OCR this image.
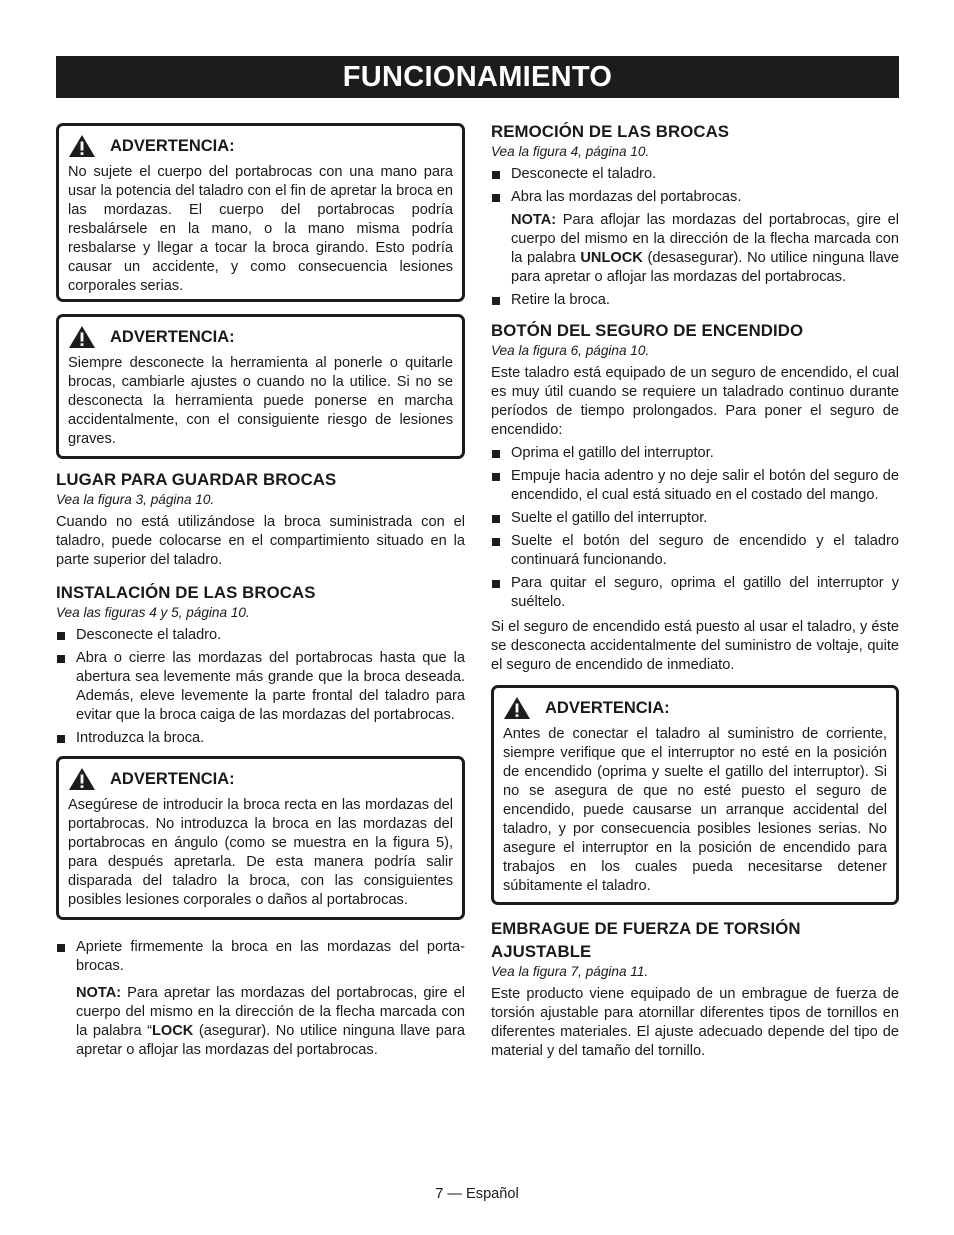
FUNCIONAMIENTO
ADVERTENCIA:

No sujete el cuerpo del portabrocas con una mano para usar la potencia del taladro con el fin de apretar la broca en las mordazas. El cuerpo del portabrocas podría resbalársele en la mano, o la mano misma podría resbalarse y llegar a tocar la broca girando. Esto podría causar un accidente, y como consecuencia lesiones corporales serias.

ADVERTENCIA:

Siempre desconecte la herramienta al ponerle o quitarle brocas, cambiarle ajustes o cuando no la utilice. Si no se desconecta la herramienta puede ponerse en marcha accidentalmente, con el consiguiente riesgo de lesiones graves.

LUGAR PARA GUARDAR BROCAS
Vea la figura 3, página 10.

Cuando no está utilizándose la broca suministrada con el taladro, puede colocarse en el compartimiento situado en la parte superior del taladro.

INSTALACIÓN DE LAS BROCAS
Vea las figuras 4 y 5, página 10.
Desconecte el taladro.
Abra o cierre las mordazas del portabrocas hasta que la abertura sea levemente más grande que la broca deseada. Además, eleve levemente la parte frontal del taladro para evitar que la broca caiga de las mordazas del portabrocas.
Introduzca la broca.
ADVERTENCIA:

Asegúrese de introducir la broca recta en las mordazas del portabrocas. No introduzca la broca en las mordazas del portabrocas en ángulo (como se muestra en la figura 5), para después apretarla. De esta manera podría salir disparada del taladro la broca, con las consiguientes posibles lesiones corporales o daños al portabrocas.

Apriete firmemente la broca en las mordazas del porta-brocas.

NOTA: Para apretar las mordazas del portabrocas, gire el cuerpo del mismo en la dirección de la flecha marcada con la palabra “LOCK (asegurar). No utilice ninguna llave para apretar o aflojar las mordazas del portabrocas.

REMOCIÓN DE LAS BROCAS
Vea la figura 4, página 10.
Desconecte el taladro.
Abra las mordazas del portabrocas.

NOTA: Para aflojar las mordazas del portabrocas, gire el cuerpo del mismo en la dirección de la flecha marcada con la palabra UNLOCK (desasegurar). No utilice ninguna llave para apretar o aflojar las mordazas del portabrocas.

Retire la broca.
BOTÓN DEL SEGURO DE ENCENDIDO
Vea la figura 6, página 10.

Este taladro está equipado de un seguro de encendido, el cual es muy útil cuando se requiere un taladrado continuo durante períodos de tiempo prolongados. Para poner el seguro de encendido:

Oprima el gatillo del interruptor.
Empuje hacia adentro y no deje salir el botón del seguro de encendido, el cual está situado en el costado del mango.
Suelte el gatillo del interruptor.
Suelte el botón del seguro de encendido y el taladro continuará funcionando.
Para quitar el seguro, oprima el gatillo del interruptor y suéltelo.

Si el seguro de encendido está puesto al usar el taladro, y éste se desconecta accidentalmente del suministro de voltaje, quite el seguro de encendido de inmediato.

ADVERTENCIA:

Antes de conectar el taladro al suministro de corriente, siempre verifique que el interruptor no esté en la posición de encendido (oprima y suelte el gatillo del interruptor). Si no se asegura de que no esté puesto el seguro de encendido, puede causarse un arranque accidental del taladro, y por consecuencia posibles lesiones serias. No asegure el interruptor en la posición de encendido para trabajos en los cuales pueda necesitarse detener súbitamente el taladro.

EMBRAGUE DE FUERZA DE TORSIÓN AJUSTABLE
Vea la figura 7, página 11.

Este producto viene equipado de un embrague de fuerza de torsión ajustable para atornillar diferentes tipos de tornillos en diferentes materiales. El ajuste adecuado depende del tipo de material y del tamaño del tornillo.

7 — Español
